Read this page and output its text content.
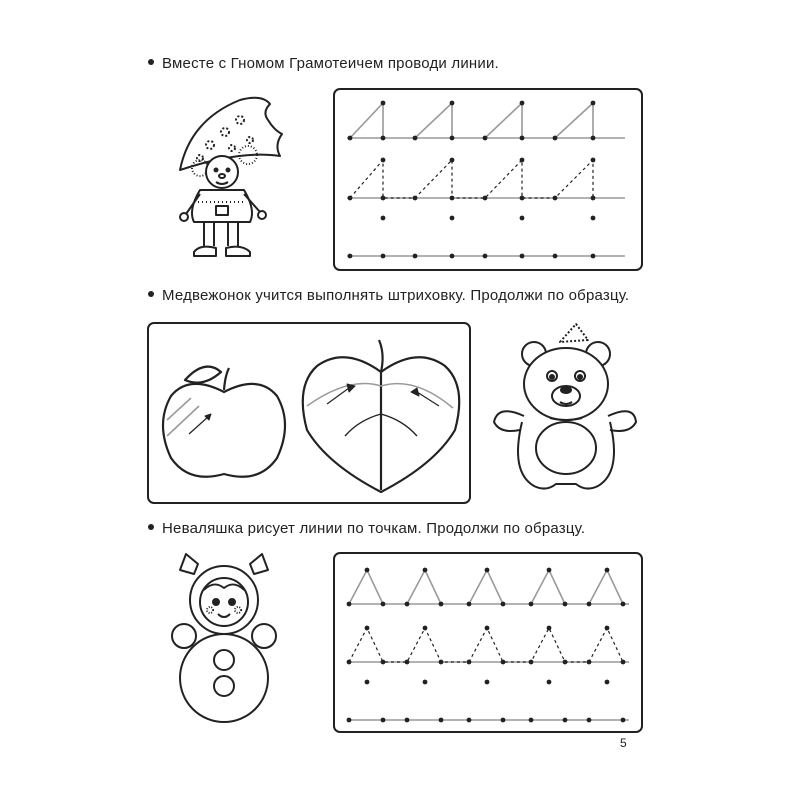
Вместе с Гномом Грамотеичем проводи линии.
Медвежонок учится выполнять штриховку. Продолжи по образцу.
Неваляшка рисует линии по точкам. Продолжи по образцу.
5
